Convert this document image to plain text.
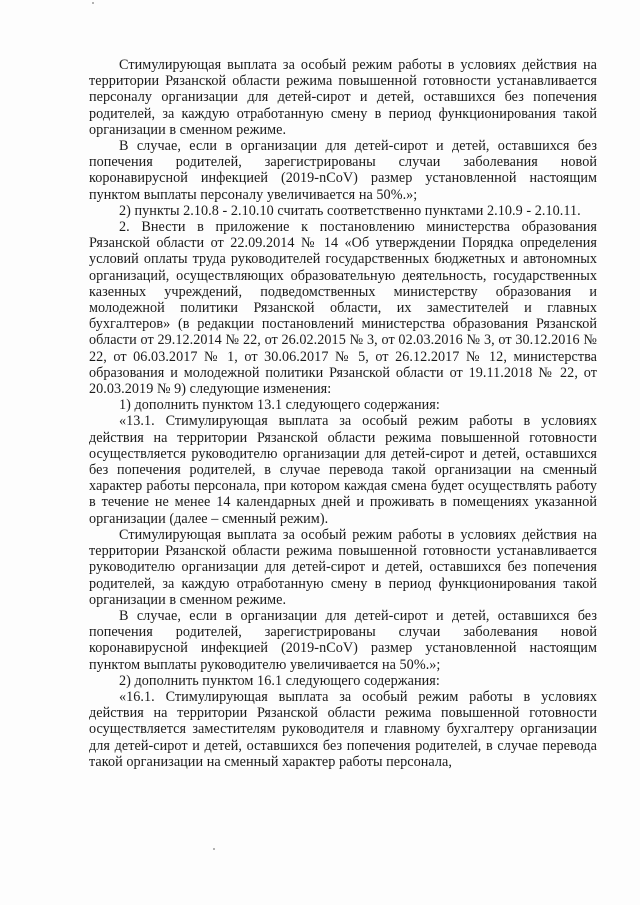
Стимулирующая выплата за особый режим работы в условиях действия на территории Рязанской области режима повышенной готовности устанавливается персоналу организации для детей-сирот и детей, оставшихся без попечения родителей, за каждую отработанную смену в период функционирования такой организации в сменном режиме.

В случае, если в организации для детей-сирот и детей, оставшихся без попечения родителей, зарегистрированы случаи заболевания новой коронавирусной инфекцией (2019-nCoV) размер установленной настоящим пунктом выплаты персоналу увеличивается на 50%.»;

2) пункты 2.10.8 - 2.10.10 считать соответственно пунктами 2.10.9 - 2.10.11.

2. Внести в приложение к постановлению министерства образования Рязанской области от 22.09.2014 № 14 «Об утверждении Порядка определения условий оплаты труда руководителей государственных бюджетных и автономных организаций, осуществляющих образовательную деятельность, государственных казенных учреждений, подведомственных министерству образования и молодежной политики Рязанской области, их заместителей и главных бухгалтеров» (в редакции постановлений министерства образования Рязанской области от 29.12.2014 № 22, от 26.02.2015 № 3, от 02.03.2016 № 3, от 30.12.2016 № 22, от 06.03.2017 № 1, от 30.06.2017 № 5, от 26.12.2017 № 12, министерства образования и молодежной политики Рязанской области от 19.11.2018 № 22, от 20.03.2019 № 9) следующие изменения:

1) дополнить пунктом 13.1 следующего содержания:

«13.1. Стимулирующая выплата за особый режим работы в условиях действия на территории Рязанской области режима повышенной готовности осуществляется руководителю организации для детей-сирот и детей, оставшихся без попечения родителей, в случае перевода такой организации на сменный характер работы персонала, при котором каждая смена будет осуществлять работу в течение не менее 14 календарных дней и проживать в помещениях указанной организации (далее – сменный режим).

Стимулирующая выплата за особый режим работы в условиях действия на территории Рязанской области режима повышенной готовности устанавливается руководителю организации для детей-сирот и детей, оставшихся без попечения родителей, за каждую отработанную смену в период функционирования такой организации в сменном режиме.

В случае, если в организации для детей-сирот и детей, оставшихся без попечения родителей, зарегистрированы случаи заболевания новой коронавирусной инфекцией (2019-nCoV) размер установленной настоящим пунктом выплаты руководителю увеличивается на 50%.»;

2) дополнить пунктом 16.1 следующего содержания:

«16.1. Стимулирующая выплата за особый режим работы в условиях действия на территории Рязанской области режима повышенной готовности осуществляется заместителям руководителя и главному бухгалтеру организации для детей-сирот и детей, оставшихся без попечения родителей, в случае перевода такой организации на сменный характер работы персонала,
